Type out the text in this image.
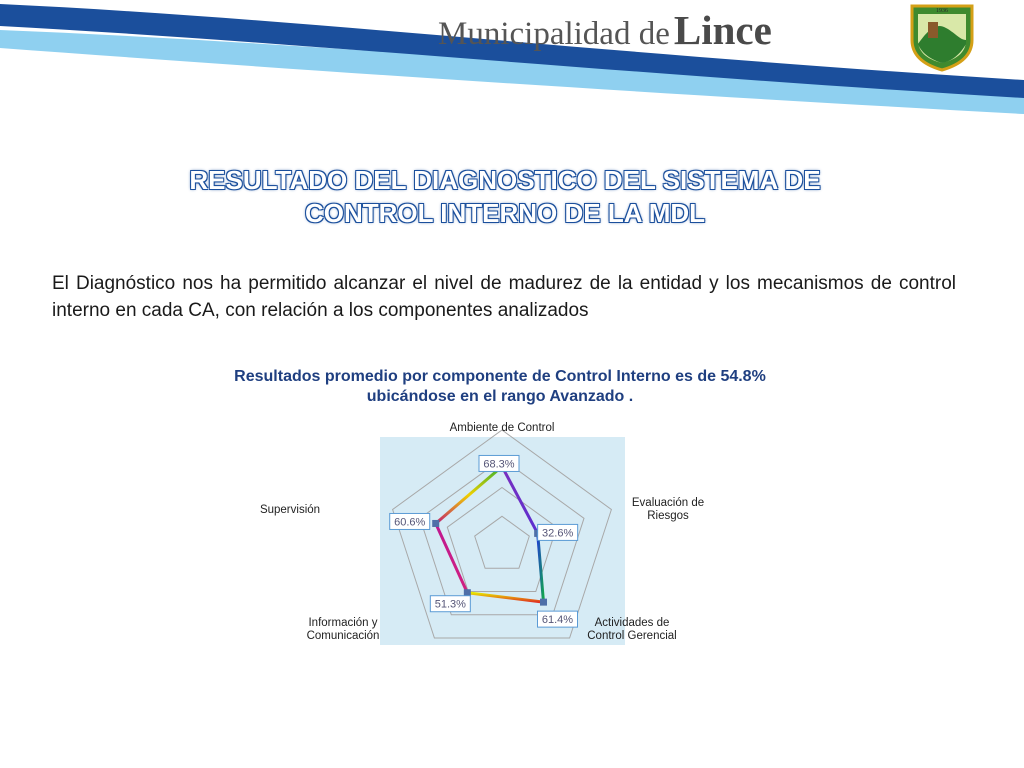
Municipalidad de Lince	1936
RESULTADO DEL DIAGNOSTICO DEL SISTEMA DE
CONTROL INTERNO DE LA MDL
El Diagnóstico nos ha permitido alcanzar el nivel de madurez de la entidad y los mecanismos de control interno en cada CA, con relación a los componentes analizados
Resultados promedio por componente de Control Interno es de 54.8%
ubicándose en el rango Avanzado .
68.3%
32.6%
61.4%
51.3%
60.6%
Ambiente de Control
Evaluación de
Riesgos
Actividades de
Control Gerencial
Información y
Comunicación
Supervisión
